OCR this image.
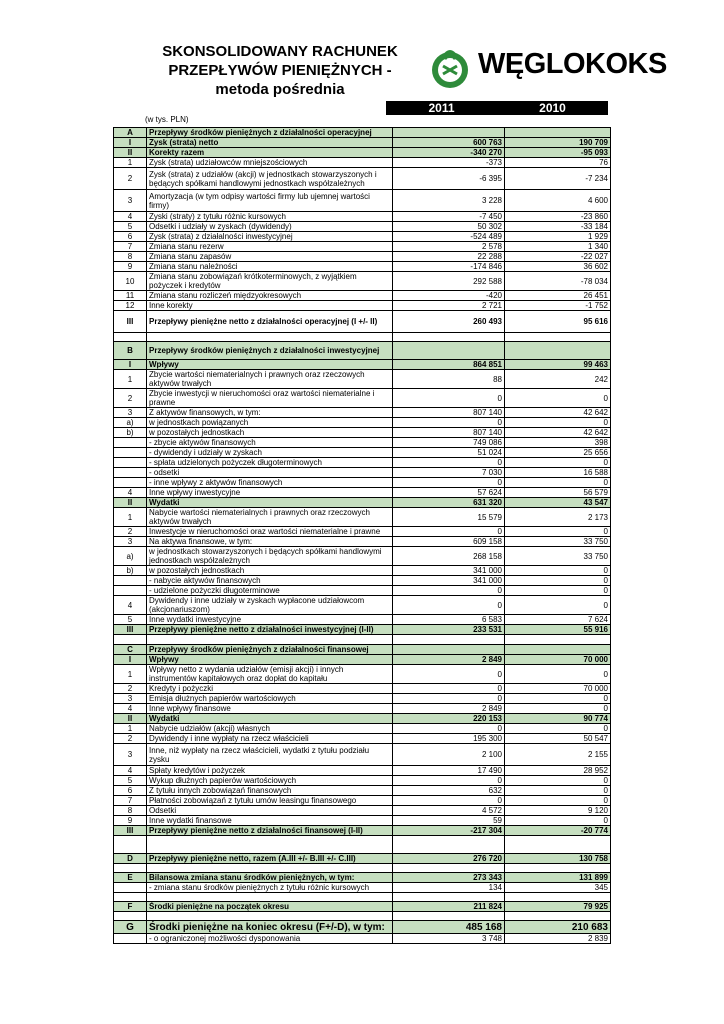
SKONSOLIDOWANY RACHUNEK
PRZEPŁYWÓW PIENIĘŻNYCH -
metoda pośrednia
WĘGLOKOKS
2011	2010
(w tys. PLN)
A	Przepływy środków pieniężnych z działalności operacyjnej		
I	Zysk (strata) netto	600 763	190 709
II	Korekty razem	-340 270	-95 093
1	Zysk (strata) udziałowców mniejszościowych	-373	76
2	Zysk (strata) z udziałów (akcji) w jednostkach stowarzyszonych i będących spółkami handlowymi jednostkach współzależnych	-6 395	-7 234
3	Amortyzacja (w tym odpisy wartości firmy lub ujemnej wartości firmy)	3 228	4 600
4	Zyski (straty) z tytułu różnic kursowych	-7 450	-23 860
5	Odsetki i udziały w zyskach (dywidendy)	50 302	-33 184
6	Zysk (strata) z działalności inwestycyjnej	-524 489	1 929
7	Zmiana stanu rezerw	2 578	1 340
8	Zmiana stanu zapasów	22 288	-22 027
9	Zmiana stanu należności	-174 846	36 602
10	Zmiana stanu zobowiązań krótkoterminowych, z wyjątkiem pożyczek i kredytów	292 588	-78 034
11	Zmiana stanu rozliczeń międzyokresowych	-420	26 451
12	Inne korekty	2 721	-1 752
III	Przepływy pieniężne netto z działalności operacyjnej (I +/- II)	260 493	95 616

B	Przepływy środków pieniężnych z działalności inwestycyjnej		
I	Wpływy	864 851	99 463
1	Zbycie wartości niematerialnych i prawnych oraz rzeczowych aktywów trwałych	88	242
2	Zbycie inwestycji w nieruchomości oraz wartości niematerialne i prawne	0	0
3	Z aktywów finansowych, w tym:	807 140	42 642
a)	w jednostkach powiązanych	0	0
b)	w pozostałych jednostkach	807 140	42 642
	- zbycie aktywów finansowych	749 086	398
	- dywidendy i udziały w zyskach	51 024	25 656
	- spłata udzielonych pożyczek długoterminowych	0	0
	- odsetki	7 030	16 588
	- inne wpływy z aktywów finansowych	0	0
4	Inne wpływy inwestycyjne	57 624	56 579
II	Wydatki	631 320	43 547
1	Nabycie wartości niematerialnych i prawnych oraz rzeczowych aktywów trwałych	15 579	2 173
2	Inwestycje w nieruchomości oraz wartości niematerialne i prawne	0	0
3	Na aktywa finansowe, w tym:	609 158	33 750
a)	w jednostkach stowarzyszonych i będących spółkami handlowymi jednostkach współzależnych	268 158	33 750
b)	w pozostałych jednostkach	341 000	0
	- nabycie aktywów finansowych	341 000	0
	- udzielone pożyczki długoterminowe	0	0
4	Dywidendy i inne udziały w zyskach wypłacone udziałowcom (akcjonariuszom)	0	0
5	Inne wydatki inwestycyjne	6 583	7 624
III	Przepływy pieniężne netto z działalności inwestycyjnej (I-II)	233 531	55 916

C	Przepływy środków pieniężnych z działalności finansowej		
I	Wpływy	2 849	70 000
1	Wpływy netto z wydania udziałów (emisji akcji) i innych instrumentów kapitałowych oraz dopłat do kapitału	0	0
2	Kredyty i pożyczki	0	70 000
3	Emisja dłużnych papierów wartościowych	0	0
4	Inne wpływy finansowe	2 849	0
II	Wydatki	220 153	90 774
1	Nabycie udziałów (akcji) własnych	0	0
2	Dywidendy i inne wypłaty na rzecz właścicieli	195 300	50 547
3	Inne, niż wypłaty na rzecz właścicieli, wydatki z tytułu podziału zysku	2 100	2 155
4	Spłaty kredytów i pożyczek	17 490	28 952
5	Wykup dłużnych papierów wartościowych	0	0
6	Z tytułu innych zobowiązań finansowych	632	0
7	Płatności zobowiązań z tytułu umów leasingu finansowego	0	0
8	Odsetki	4 572	9 120
9	Inne wydatki finansowe	59	0
III	Przepływy pieniężne netto z działalności finansowej (I-II)	-217 304	-20 774

D	Przepływy pieniężne netto, razem (A.III +/- B.III +/- C.III)	276 720	130 758

E	Bilansowa zmiana stanu środków pieniężnych, w tym:	273 343	131 899
	- zmiana stanu środków pieniężnych z tytułu różnic kursowych	134	345

F	Środki pieniężne na początek okresu	211 824	79 925

G	Środki pieniężne na koniec okresu (F+/-D), w tym:	485 168	210 683
	- o ograniczonej możliwości dysponowania	3 748	2 839
